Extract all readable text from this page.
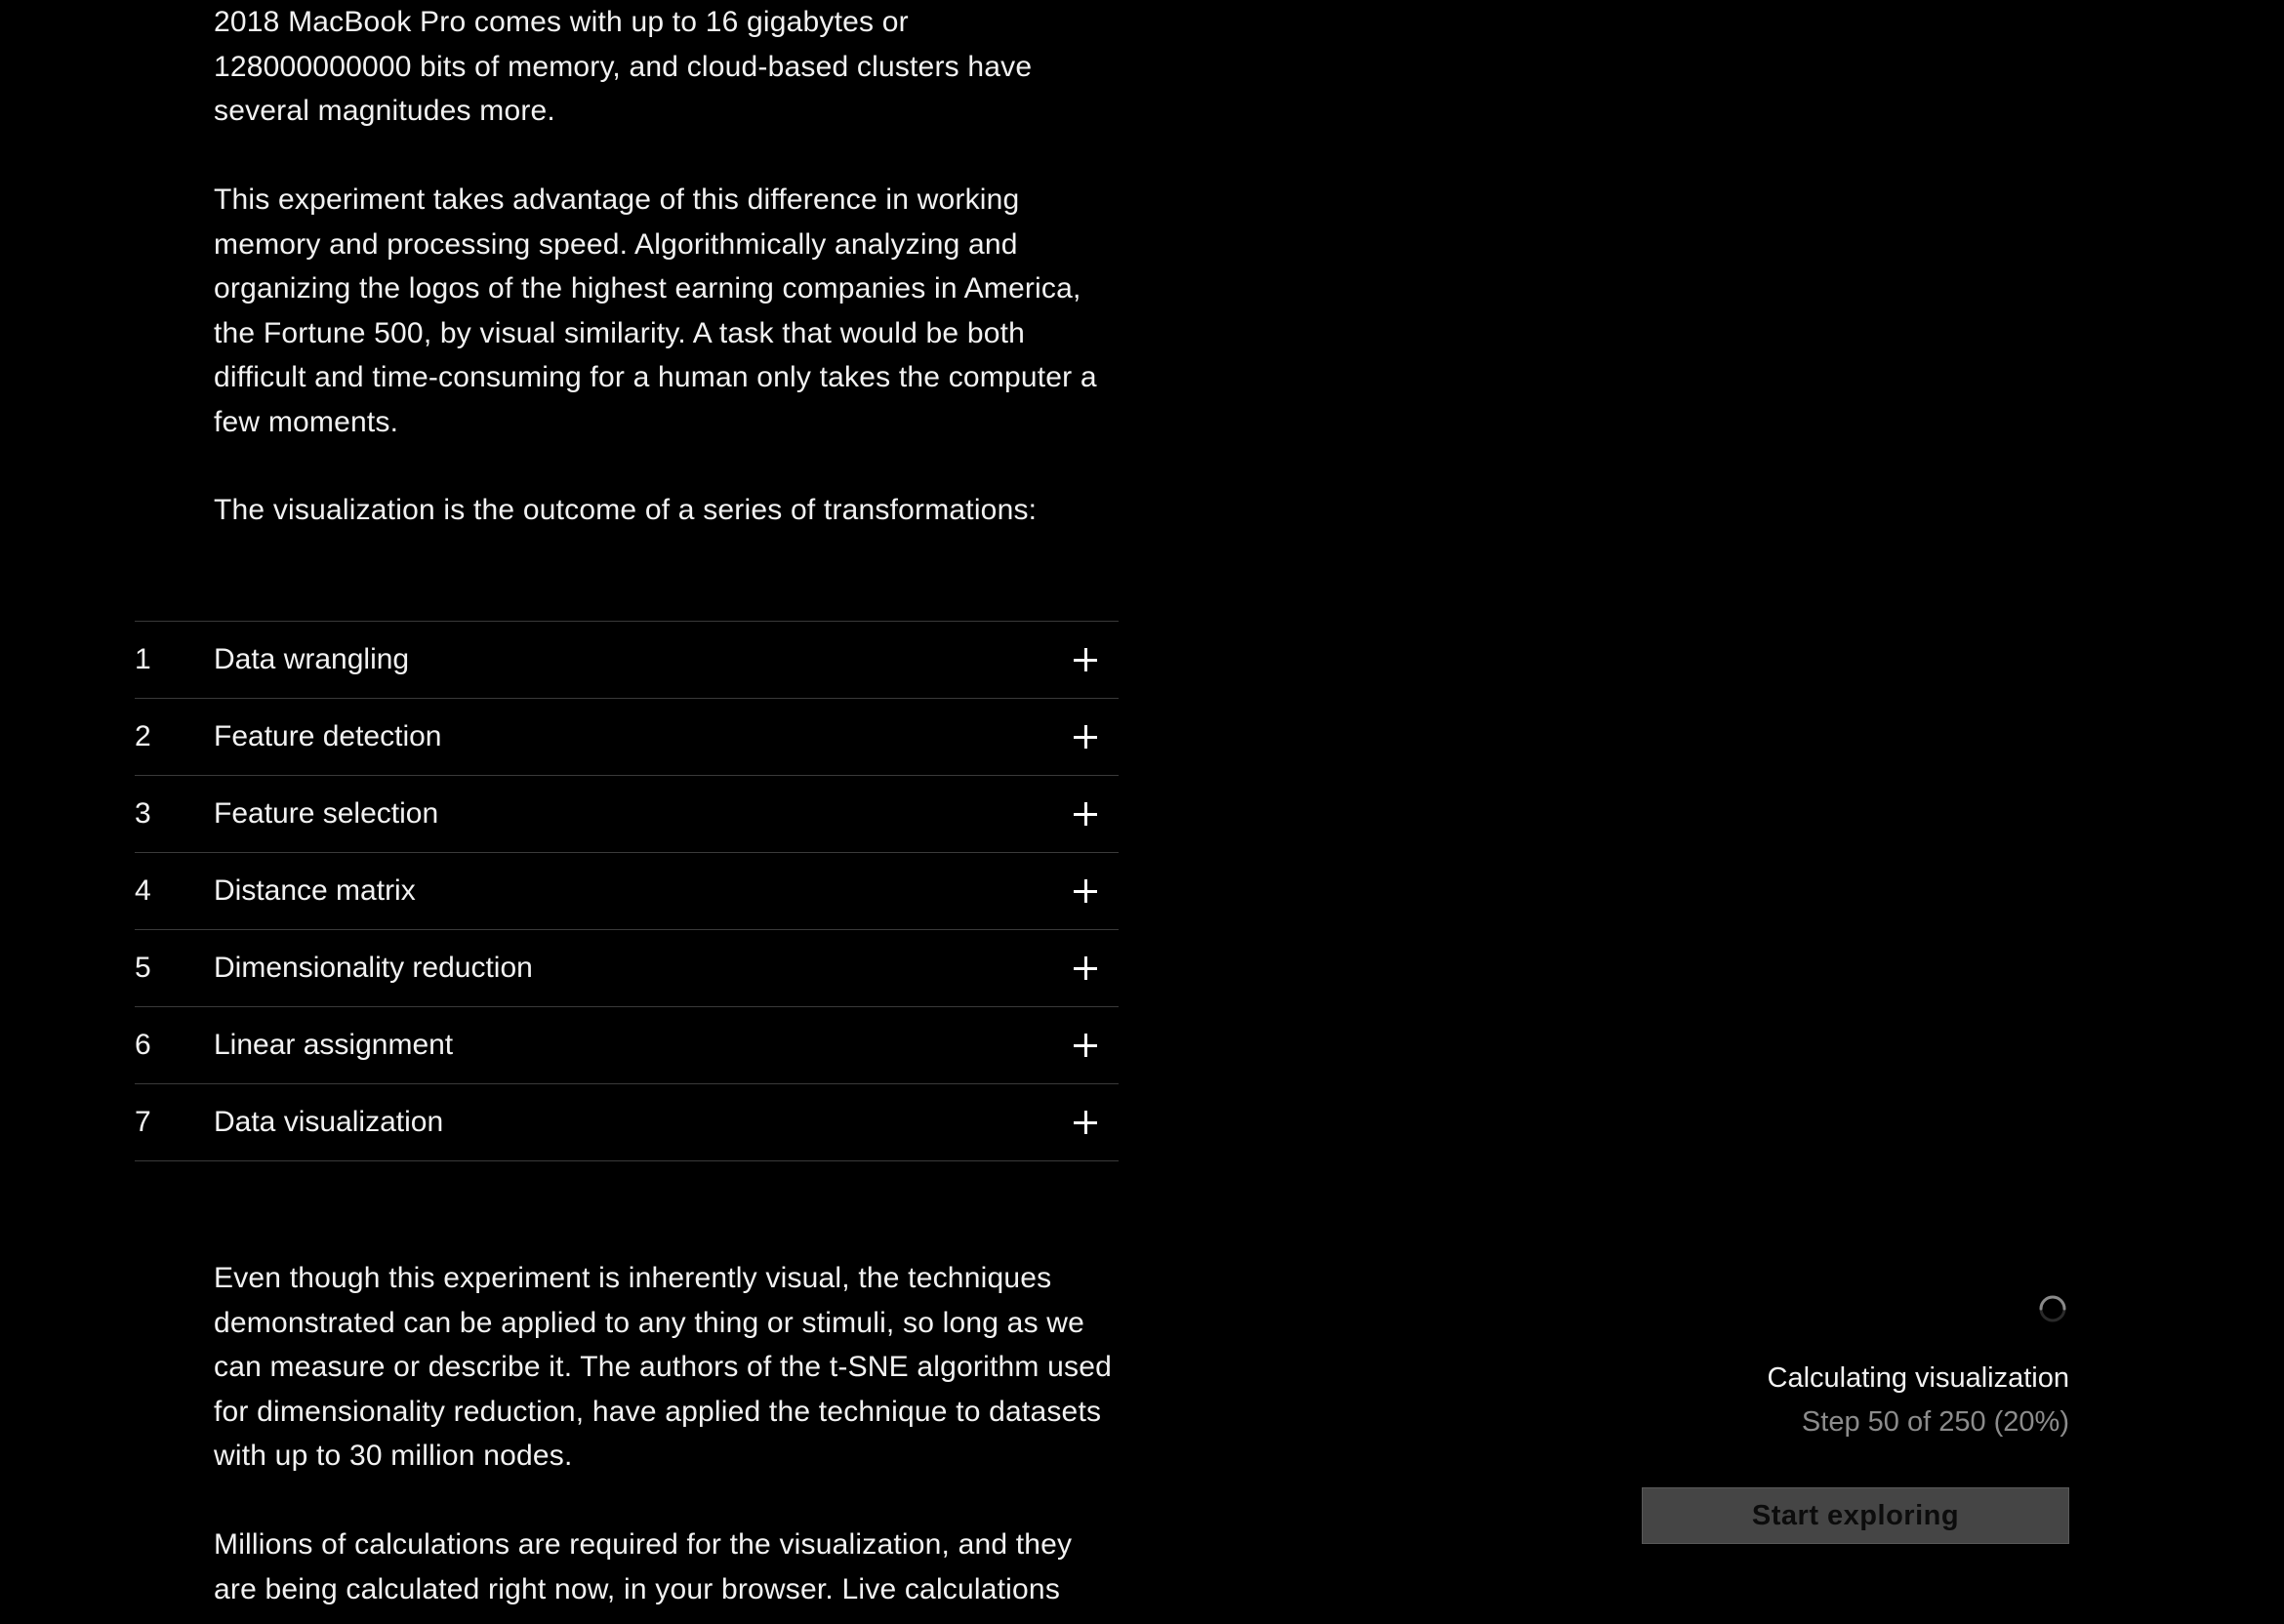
2018 MacBook Pro comes with up to 16 gigabytes or 128000000000 bits of memory, and cloud-based clusters have several magnitudes more.

This experiment takes advantage of this difference in working memory and processing speed. Algorithmically analyzing and organizing the logos of the highest earning companies in America, the Fortune 500, by visual similarity. A task that would be both difficult and time-consuming for a human only takes the computer a few moments.

The visualization is the outcome of a series of transformations:

1 Data wrangling
2 Feature detection
3 Feature selection
4 Distance matrix
5 Dimensionality reduction
6 Linear assignment
7 Data visualization

Even though this experiment is inherently visual, the techniques demonstrated can be applied to any thing or stimuli, so long as we can measure or describe it. The authors of the t-SNE algorithm used for dimensionality reduction, have applied the technique to datasets with up to 30 million nodes.

Millions of calculations are required for the visualization, and they are being calculated right now, in your browser. Live calculations

Calculating visualization
Step 50 of 250 (20%)
Start exploring
